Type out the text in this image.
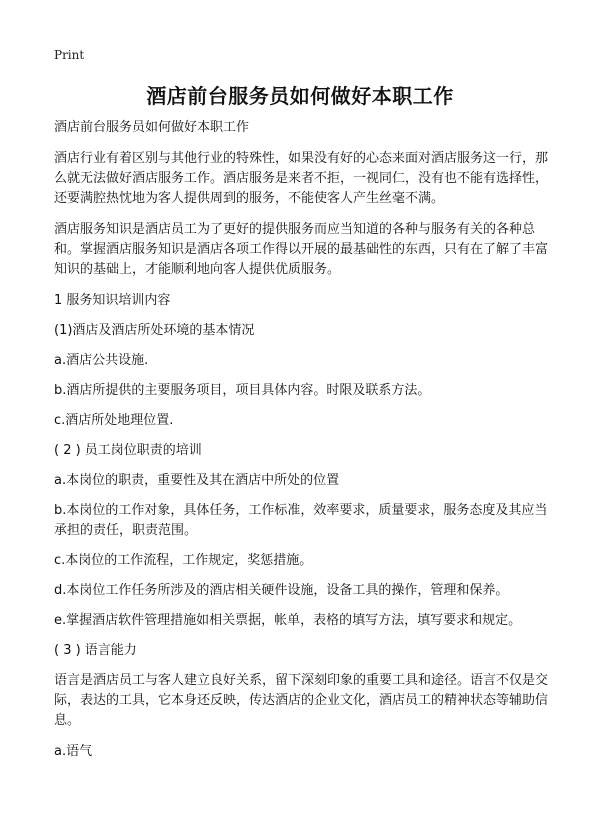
Print
酒店前台服务员如何做好本职工作

酒店前台服务员如何做好本职工作

酒店行业有着区别与其他行业的特殊性，如果没有好的心态来面对酒店服务这一行，那么就无法做好酒店服务工作。酒店服务是来者不拒，一视同仁，没有也不能有选择性，还要满腔热忱地为客人提供周到的服务，不能使客人产生丝毫不满。

酒店服务知识是酒店员工为了更好的提供服务而应当知道的各种与服务有关的各种总和。掌握酒店服务知识是酒店各项工作得以开展的最基础性的东西，只有在了解了丰富知识的基础上，才能顺利地向客人提供优质服务。

1 服务知识培训内容

(1)酒店及酒店所处环境的基本情况

a.酒店公共设施.

b.酒店所提供的主要服务项目，项目具体内容。时限及联系方法。

c.酒店所处地理位置.

( 2 ) 员工岗位职责的培训

a.本岗位的职责，重要性及其在酒店中所处的位置

b.本岗位的工作对象，具体任务，工作标准，效率要求，质量要求，服务态度及其应当承担的责任，职责范围。

c.本岗位的工作流程，工作规定，奖惩措施。

d.本岗位工作任务所涉及的酒店相关硬件设施，设备工具的操作，管理和保养。

e.掌握酒店软件管理措施如相关票据，帐单，表格的填写方法，填写要求和规定。

( 3 ) 语言能力

语言是酒店员工与客人建立良好关系，留下深刻印象的重要工具和途径。语言不仅是交际，表达的工具，它本身还反映，传达酒店的企业文化，酒店员工的精神状态等辅助信息。

a.语气
